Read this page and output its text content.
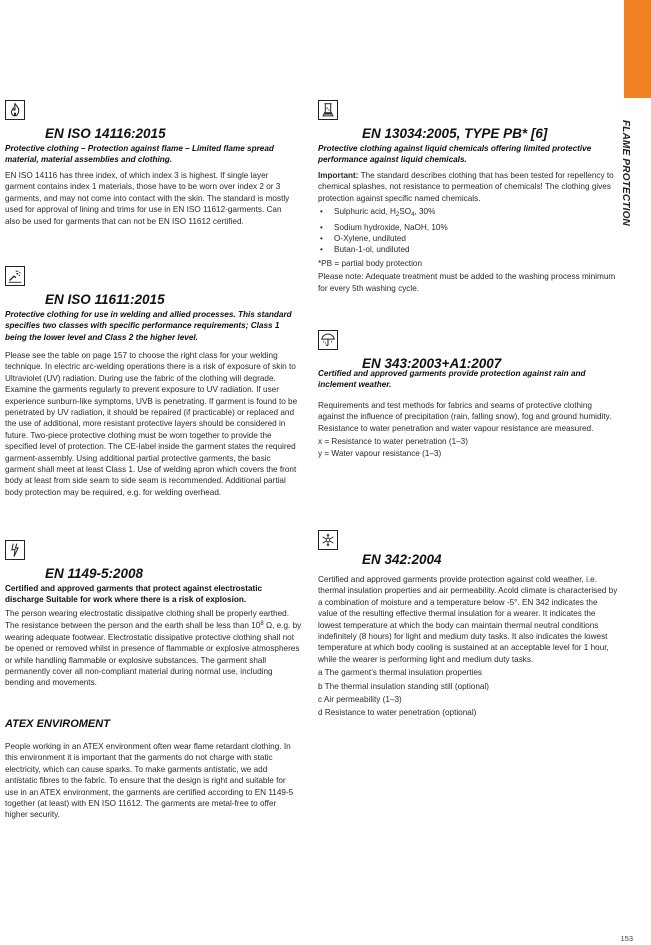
FLAME PROTECTION
EN ISO 14116:2015
Protective clothing – Protection against flame – Limited flame spread material, material assemblies and clothing.

EN ISO 14116 has three index, of which index 3 is highest. If single layer garment contains index 1 materials, those have to be worn over index 2 or 3 garments, and may not come into contact with the skin. The standard is mostly used for approval of lining and trims for use in EN ISO 11612-garments. Can also be used for garments that can not be EN ISO 11612 certified.

EN ISO 11611:2015
Protective clothing for use in welding and allied processes. This standard specifies two classes with specific performance requirements; Class 1 being the lower level and Class 2 the higher level.

Please see the table on page 157 to choose the right class for your welding technique. In electric arc-welding operations there is a risk of exposure of skin to Ultraviolet (UV) radiation. During use the fabric of the clothing will degrade. Examine the garments regularly to prevent exposure to UV radiation. If user experience sunburn-like symptoms, UVB is penetrating. If garment is found to be penetrated by UV radiation, it should be repaired (if practicable) or replaced and the use of additional, more resistant protective layers should be considered in future. Two-piece protective clothing must be worn together to provide the specified level of protection. The CE-label inside the garment states the required garment-assembly. Using additional partial protective garments, the basic garment shall meet at least Class 1. Use of welding apron which covers the front body at least from side seam to side seam is recommended. Additional partial body protection may be required, e.g. for welding overhead.

EN 13034:2005, TYPE PB* [6]
Protective clothing against liquid chemicals offering limited protective performance against liquid chemicals.

Important: The standard describes clothing that has been tested for repellency to chemical splashes, not resistance to permeation of chemicals! The clothing gives protection against specific named chemicals.

• Sulphuric acid, $H_2SO_4$, 30%
• Sodium hydroxide, NaOH, 10%
• O-Xylene, undiluted
• Butan-1-ol, undiluted

*PB = partial body protection

Please note: Adequate treatment must be added to the washing process minimum for every 5th washing cycle.

EN 343:2003+A1:2007
Certified and approved garments provide protection against rain and inclement weather.

Requirements and test methods for fabrics and seams of protective clothing against the influence of precipitation (rain, falling snow), fog and ground humidity. Resistance to water penetration and water vapour resistance are measured.

x = Resistance to water penetration (1–3)

y = Water vapour resistance (1–3)

EN 1149-5:2008
Certified and approved garments that protect against electrostatic discharge Suitable for work where there is a risk of explosion.

The person wearing electrostatic dissipative clothing shall be properly earthed. The resistance between the person and the earth shall be less than $10^8$ Ω, e.g. by wearing adequate footwear. Electrostatic dissipative protective clothing shall not be opened or removed whilst in presence of flammable or explosive atmospheres or while handling flammable or explosive substances. The garment shall permanently cover all non-compliant material during normal use, including bending and movements.

ATEX ENVIROMENT

People working in an ATEX environment often wear flame retardant clothing. In this environment it is important that the garments do not charge with static electricity, which can cause sparks. To make garments antistatic, we add antistatic fibres to the fabric. To ensure that the design is right and suitable for use in an ATEX environment, the garments are certified according to EN 1149-5 together (at least) with EN ISO 11612. The garments are metal-free to offer higher security.

EN 342:2004

Certified and approved garments provide protection against cold weather, i.e. thermal insulation properties and air permeability. Acold climate is characterised by a combination of moisture and a temperature below -5°. EN 342 indicates the value of the resulting effective thermal insulation for a wearer. It indicates the lowest temperature at which the body can maintain thermal neutral conditions indefinitely (8 hours) for light and medium duty tasks. It also indicates the lowest temperature at which body cooling is sustained at an acceptable level for 1 hour, while the wearer is performing light and medium duty tasks.

a The garment’s thermal insulation properties

b The thermal insulation standing still (optional)

c Air permeability (1–3)

d Resistance to water penetration (optional)

153
